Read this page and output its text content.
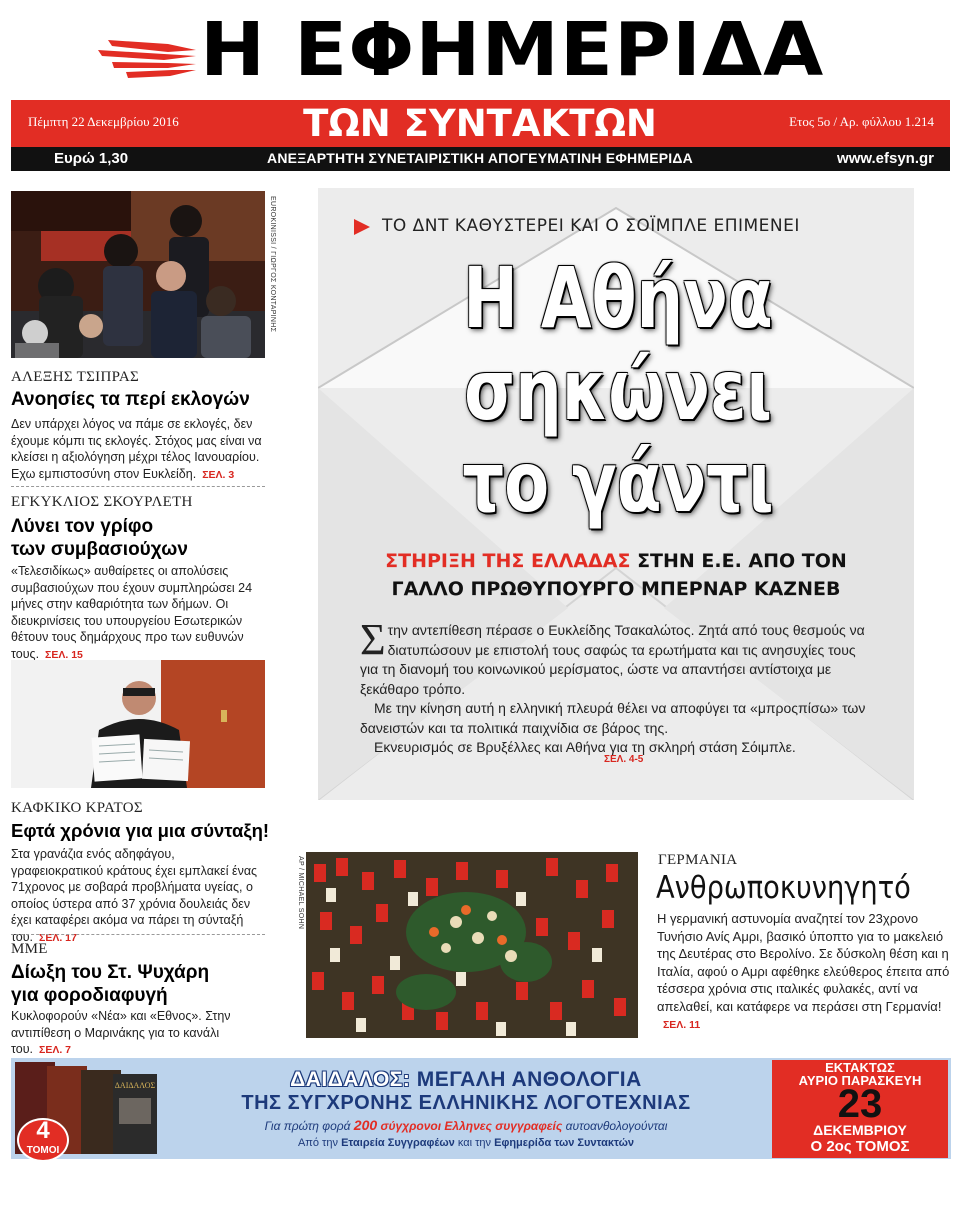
Η ΕΦΗΜΕΡΙΔΑ
Πέμπτη 22 Δεκεμβρίου 2016	ΤΩΝ ΣΥΝΤΑΚΤΩΝ	Ετος 5ο / Αρ. φύλλου 1.214
Ευρώ 1,30	ΑΝΕΞΑΡΤΗΤΗ ΣΥΝΕΤΑΙΡΙΣΤΙΚΗ ΑΠΟΓΕΥΜΑΤΙΝΗ ΕΦΗΜΕΡΙΔΑ	www.efsyn.gr
EUROKINISSI / ΓΙΩΡΓΟΣ ΚΟΝΤΑΡΙΝΗΣ
ΑΛΕΞΗΣ ΤΣΙΠΡΑΣ
Ανοησίες τα περί εκλογών
Δεν υπάρχει λόγος να πάμε σε εκλογές, δεν έχουμε κόμπι τις εκλογές. Στόχος μας είναι να κλείσει η αξιολόγηση μέχρι τέλος Ιανουαρίου. Εχω εμπιστοσύνη στον Ευκλείδη. ΣΕΛ. 3
ΕΓΚΥΚΛΙΟΣ ΣΚΟΥΡΛΕΤΗ
Λύνει τον γρίφο
των συμβασιούχων
«Τελεσιδίκως» αυθαίρετες οι απολύσεις συμβασιούχων που έχουν συμπληρώσει 24 μήνες στην καθαριότητα των δήμων. Οι διευκρινίσεις του υπουργείου Εσωτερικών θέτουν τους δημάρχους προ των ευθυνών τους. ΣΕΛ. 15
ΚΑΦΚΙΚΟ ΚΡΑΤΟΣ
Εφτά χρόνια για μια σύνταξη!
Στα γρανάζια ενός αδηφάγου, γραφειοκρατικού κράτους έχει εμπλακεί ένας 71χρονος με σοβαρά προβλήματα υγείας, ο οποίος ύστερα από 37 χρόνια δουλειάς δεν έχει καταφέρει ακόμα να πάρει τη σύνταξή του. ΣΕΛ. 17
ΜΜΕ
Δίωξη του Στ. Ψυχάρη
για φοροδιαφυγή
Κυκλοφορούν «Νέα» και «Εθνος». Στην αντιπίθεση ο Μαρινάκης για το κανάλι του. ΣΕΛ. 7
ΤΟ ΔΝΤ ΚΑΘΥΣΤΕΡΕΙ ΚΑΙ Ο ΣΟΪΜΠΛΕ ΕΠΙΜΕΝΕΙ
Η Αθήνα
σηκώνει
το γάντι
ΣΤΗΡΙΞΗ ΤΗΣ ΕΛΛΑΔΑΣ ΣΤΗΝ Ε.Ε. ΑΠΟ ΤΟΝ
ΓΑΛΛΟ ΠΡΩΘΥΠΟΥΡΓΟ ΜΠΕΡΝΑΡ ΚΑΖΝΕΒ
Στην αντεπίθεση πέρασε ο Ευκλείδης Τσακαλώτος. Ζητά από τους θεσμούς να διατυπώσουν με επιστολή τους σαφώς τα ερωτήματα και τις ανησυχίες τους για τη διανομή του κοινωνικού μερίσματος, ώστε να απαντήσει αντίστοιχα με ξεκάθαρο τρόπο.
Με την κίνηση αυτή η ελληνική πλευρά θέλει να αποφύγει τα «μπροςπίσω» των δανειστών και τα πολιτικά παιχνίδια σε βάρος της.
Εκνευρισμός σε Βρυξέλλες και Αθήνα για τη σκληρή στάση Σόιμπλε.
ΣΕΛ. 4-5
AP / MICHAEL SOHN	ΓΕΡΜΑΝΙΑ
Ανθρωποκυνηγητό
Η γερμανική αστυνομία αναζητεί τον 23χρονο Τυνήσιο Ανίς Αμρι, βασικό ύποπτο για το μακελειό της Δευτέρας στο Βερολίνο. Σε δύσκολη θέση και η Ιταλία, αφού ο Αμρι αφέθηκε ελεύθερος έπειτα από τέσσερα χρόνια στις ιταλικές φυλακές, αντί να απελαθεί, και κατάφερε να περάσει στη Γερμανία!ΣΕΛ. 11
ΔΑΙΔΑΛΟΣ	ΔΑΙΔΑΛΟΣ: ΜΕΓΑΛΗ ΑΝΘΟΛΟΓΙΑ
ΤΗΣ ΣΥΓΧΡΟΝΗΣ ΕΛΛΗΝΙΚΗΣ ΛΟΓΟΤΕΧΝΙΑΣ
Για πρώτη φορά 200 σύγχρονοι Ελληνες συγγραφείς αυτοανθολογούνται
Από την Εταιρεία Συγγραφέων και την Εφημερίδα των Συντακτών
4
ΤΟΜΟΙ
ΕΚΤΑΚΤΩΣ
ΑΥΡΙΟ ΠΑΡΑΣΚΕΥΗ
23
ΔΕΚΕΜΒΡΙΟΥ
Ο 2ος ΤΟΜΟΣ
